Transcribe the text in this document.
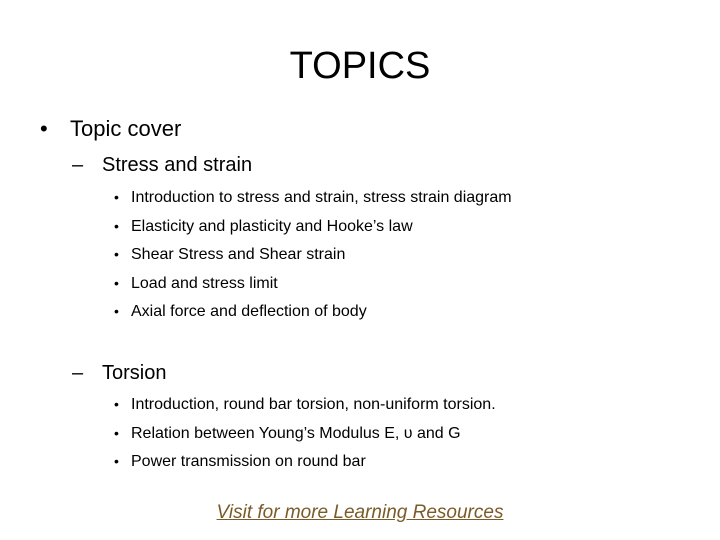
TOPICS
• Topic cover
– Stress and strain
• Introduction to stress and strain, stress strain diagram
• Elasticity and plasticity and Hooke’s law
• Shear Stress and Shear strain
• Load and stress limit
• Axial force and deflection of body
– Torsion
• Introduction, round bar torsion, non-uniform torsion.
• Relation between Young’s Modulus E, υ and G
• Power transmission on round bar
Visit for more Learning Resources
